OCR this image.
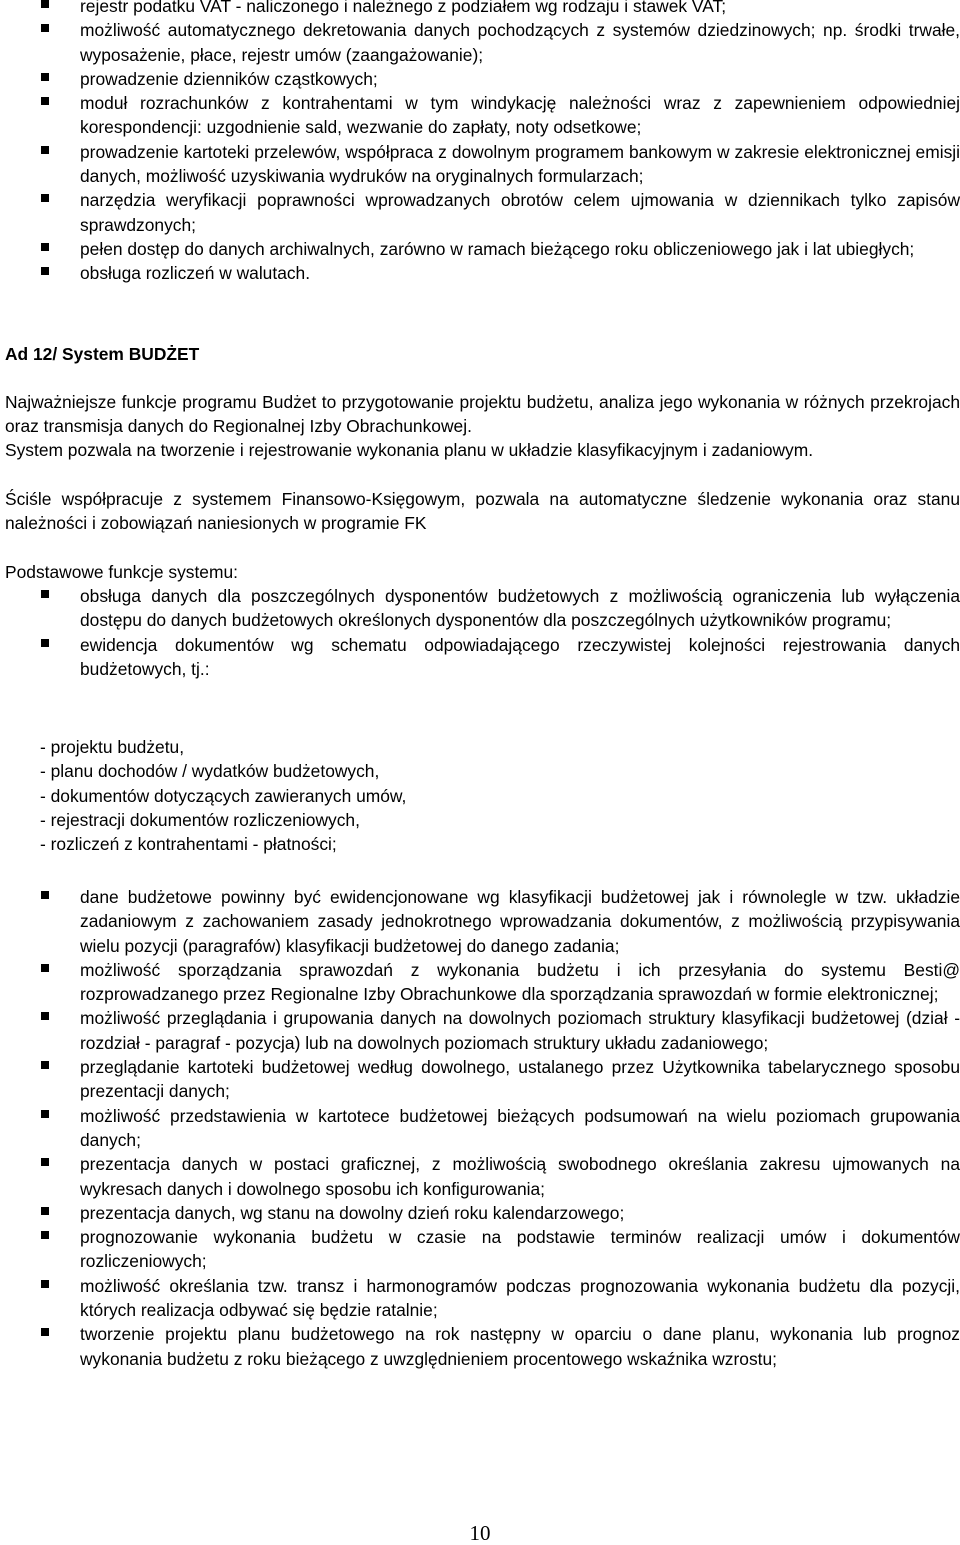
rejestr podatku VAT - naliczonego i należnego z podziałem wg rodzaju i stawek VAT;
możliwość automatycznego dekretowania danych pochodzących z systemów dziedzinowych; np. środki trwałe, wyposażenie, płace, rejestr umów (zaangażowanie);
prowadzenie dzienników cząstkowych;
moduł rozrachunków z kontrahentami w tym windykację należności wraz z zapewnieniem odpowiedniej korespondencji: uzgodnienie sald, wezwanie do zapłaty, noty odsetkowe;
prowadzenie kartoteki przelewów, współpraca z dowolnym programem bankowym w zakresie elektronicznej emisji danych, możliwość uzyskiwania wydruków na oryginalnych formularzach;
narzędzia weryfikacji poprawności wprowadzanych obrotów celem ujmowania w dziennikach tylko zapisów sprawdzonych;
pełen dostęp do danych archiwalnych, zarówno w ramach bieżącego roku obliczeniowego jak i lat ubiegłych;
obsługa rozliczeń w walutach.
Ad 12/ System BUDŻET

Najważniejsze funkcje programu Budżet to przygotowanie projektu budżetu, analiza jego wykonania w różnych przekrojach oraz transmisja danych do Regionalnej Izby Obrachunkowej.

System pozwala na tworzenie i rejestrowanie wykonania planu w układzie klasyfikacyjnym i zadaniowym.

Ściśle współpracuje z systemem Finansowo-Księgowym, pozwala na automatyczne śledzenie wykonania oraz stanu należności i zobowiązań naniesionych w programie FK

Podstawowe funkcje systemu:

obsługa danych dla poszczególnych dysponentów budżetowych z możliwością ograniczenia lub wyłączenia dostępu do danych budżetowych określonych dysponentów dla poszczególnych użytkowników programu;
ewidencja dokumentów wg schematu odpowiadającego rzeczywistej kolejności rejestrowania danych budżetowych, tj.:
- projektu budżetu,
- planu dochodów / wydatków budżetowych,
- dokumentów dotyczących zawieranych umów,
- rejestracji dokumentów rozliczeniowych,
- rozliczeń z kontrahentami - płatności;
dane budżetowe powinny być ewidencjonowane wg klasyfikacji budżetowej jak i równolegle w tzw. układzie zadaniowym z zachowaniem zasady jednokrotnego wprowadzania dokumentów, z możliwością przypisywania wielu pozycji (paragrafów) klasyfikacji budżetowej do danego zadania;
możliwość sporządzania sprawozdań z wykonania budżetu i ich przesyłania do systemu Besti@ rozprowadzanego przez Regionalne Izby Obrachunkowe dla sporządzania sprawozdań w formie elektronicznej;
możliwość przeglądania i grupowania danych na dowolnych poziomach struktury klasyfikacji budżetowej (dział - rozdział - paragraf - pozycja) lub na dowolnych poziomach struktury układu zadaniowego;
przeglądanie kartoteki budżetowej według dowolnego, ustalanego przez Użytkownika tabelarycznego sposobu prezentacji danych;
możliwość przedstawienia w kartotece budżetowej bieżących podsumowań na wielu poziomach grupowania danych;
prezentacja danych w postaci graficznej, z możliwością swobodnego określania zakresu ujmowanych na wykresach danych i dowolnego sposobu ich konfigurowania;
prezentacja danych, wg stanu na dowolny dzień roku kalendarzowego;
prognozowanie wykonania budżetu w czasie na podstawie terminów realizacji umów i dokumentów rozliczeniowych;
możliwość określania tzw. transz i harmonogramów podczas prognozowania wykonania budżetu dla pozycji, których realizacja odbywać się będzie ratalnie;
tworzenie projektu planu budżetowego na rok następny w oparciu o dane planu, wykonania lub prognoz wykonania budżetu z roku bieżącego z uwzględnieniem procentowego wskaźnika wzrostu;
10
